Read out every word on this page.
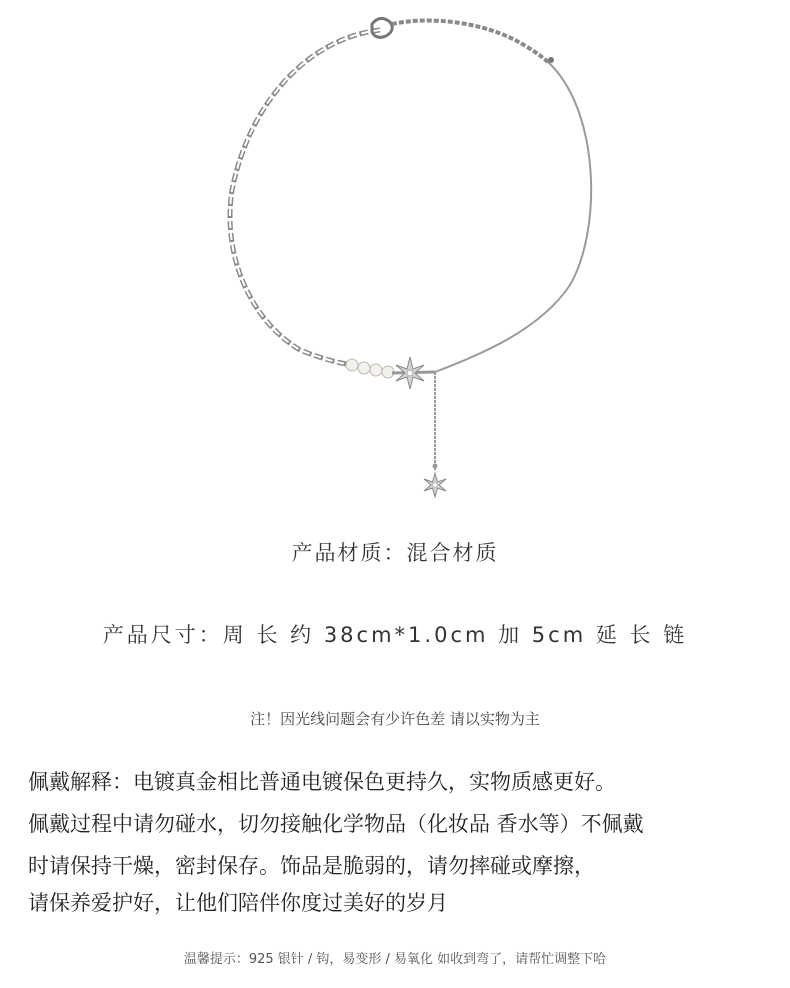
产品材质：混合材质
产品尺寸：周 长 约 38cm*1.0cm 加 5cm 延 长 链
注！因光线问题会有少许色差 请以实物为主
佩戴解释：电镀真金相比普通电镀保色更持久，实物质感更好。
佩戴过程中请勿碰水，切勿接触化学物品（化妆品 香水等）不佩戴
时请保持干燥，密封保存。饰品是脆弱的，请勿摔碰或摩擦，
请保养爱护好，让他们陪伴你度过美好的岁月
温馨提示：925 银针 / 钩，易变形 / 易氧化 如收到弯了，请帮忙调整下哈
